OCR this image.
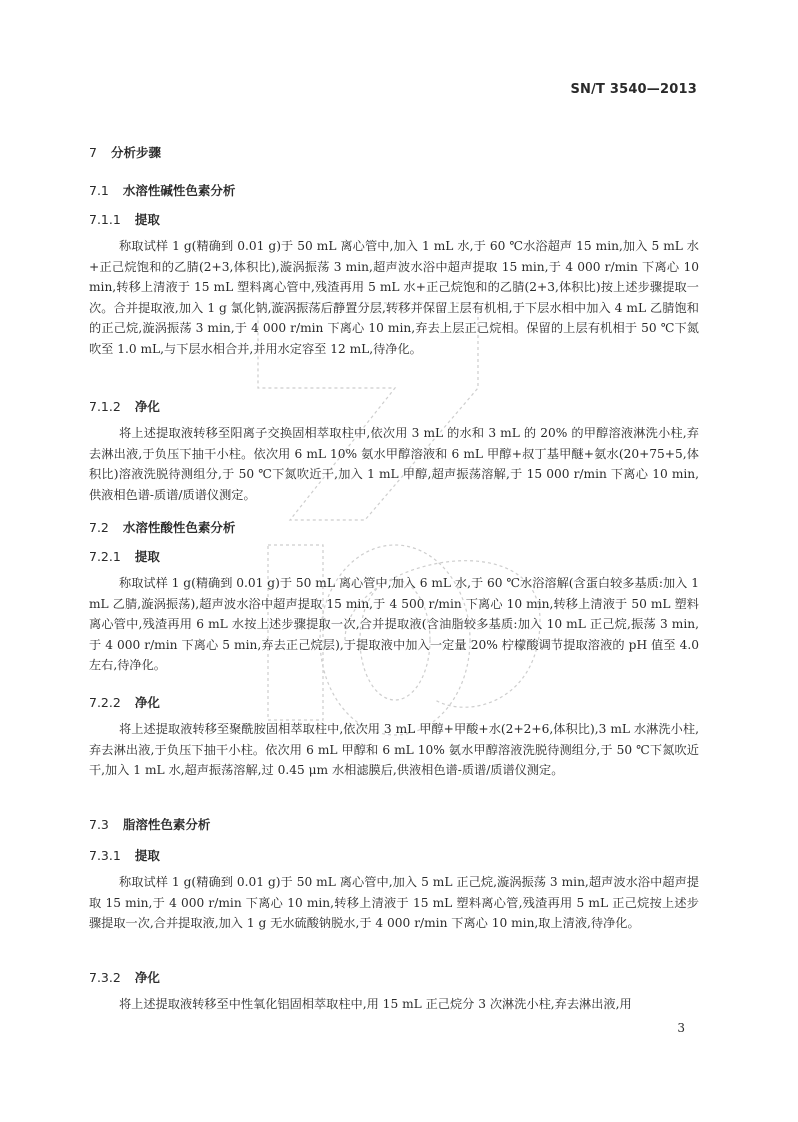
SN/T 3540—2013
7 分析步骤
7.1 水溶性碱性色素分析
7.1.1 提取

称取试样 1 g(精确到 0.01 g)于 50 mL 离心管中,加入 1 mL 水,于 60 ℃水浴超声 15 min,加入 5 mL 水+正己烷饱和的乙腈(2+3,体积比),漩涡振荡 3 min,超声波水浴中超声提取 15 min,于 4 000 r/min 下离心 10 min,转移上清液于 15 mL 塑料离心管中,残渣再用 5 mL 水+正己烷饱和的乙腈(2+3,体积比)按上述步骤提取一次。合并提取液,加入 1 g 氯化钠,漩涡振荡后静置分层,转移并保留上层有机相,于下层水相中加入 4 mL 乙腈饱和的正己烷,漩涡振荡 3 min,于 4 000 r/min 下离心 10 min,弃去上层正己烷相。保留的上层有机相于 50 ℃下氮吹至 1.0 mL,与下层水相合并,并用水定容至 12 mL,待净化。

7.1.2 净化

将上述提取液转移至阳离子交换固相萃取柱中,依次用 3 mL 的水和 3 mL 的 20% 的甲醇溶液淋洗小柱,弃去淋出液,于负压下抽干小柱。依次用 6 mL 10% 氨水甲醇溶液和 6 mL 甲醇+叔丁基甲醚+氨水(20+75+5,体积比)溶液洗脱待测组分,于 50 ℃下氮吹近干,加入 1 mL 甲醇,超声振荡溶解,于 15 000 r/min 下离心 10 min,供液相色谱-质谱/质谱仪测定。

7.2 水溶性酸性色素分析
7.2.1 提取

称取试样 1 g(精确到 0.01 g)于 50 mL 离心管中,加入 6 mL 水,于 60 ℃水浴溶解(含蛋白较多基质:加入 1 mL 乙腈,漩涡振荡),超声波水浴中超声提取 15 min,于 4 500 r/min 下离心 10 min,转移上清液于 50 mL 塑料离心管中,残渣再用 6 mL 水按上述步骤提取一次,合并提取液(含油脂较多基质:加入 10 mL 正己烷,振荡 3 min,于 4 000 r/min 下离心 5 min,弃去正己烷层),于提取液中加入一定量 20% 柠檬酸调节提取溶液的 pH 值至 4.0 左右,待净化。

7.2.2 净化

将上述提取液转移至聚酰胺固相萃取柱中,依次用 3 mL 甲醇+甲酸+水(2+2+6,体积比),3 mL 水淋洗小柱,弃去淋出液,于负压下抽干小柱。依次用 6 mL 甲醇和 6 mL 10% 氨水甲醇溶液洗脱待测组分,于 50 ℃下氮吹近干,加入 1 mL 水,超声振荡溶解,过 0.45 μm 水相滤膜后,供液相色谱-质谱/质谱仪测定。

7.3 脂溶性色素分析
7.3.1 提取

称取试样 1 g(精确到 0.01 g)于 50 mL 离心管中,加入 5 mL 正己烷,漩涡振荡 3 min,超声波水浴中超声提取 15 min,于 4 000 r/min 下离心 10 min,转移上清液于 15 mL 塑料离心管,残渣再用 5 mL 正己烷按上述步骤提取一次,合并提取液,加入 1 g 无水硫酸钠脱水,于 4 000 r/min 下离心 10 min,取上清液,待净化。

7.3.2 净化

将上述提取液转移至中性氧化铝固相萃取柱中,用 15 mL 正己烷分 3 次淋洗小柱,弃去淋出液,用

3
